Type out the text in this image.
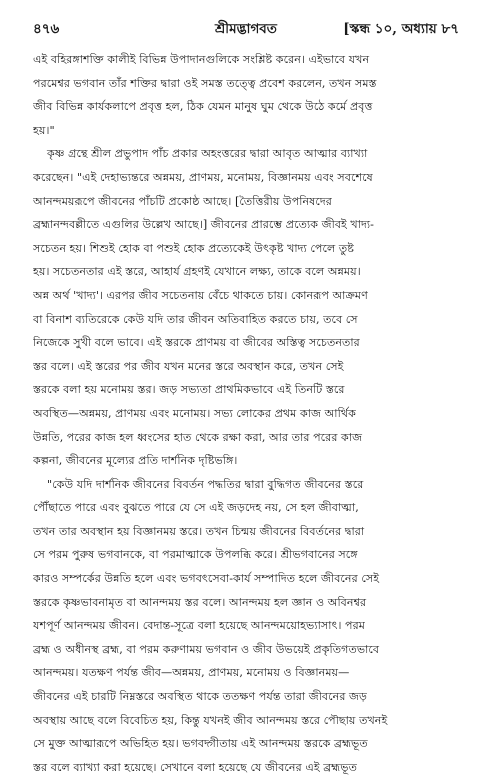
৪৭৬	শ্রীমদ্ভাগবত	[স্কন্ধ ১০, অধ্যায় ৮৭
এই বহিরঙ্গাশক্তি কালীই বিভিন্ন উপাদানগুলিকে সংশ্লিষ্ট করেন। এইভাবে যখন
পরমেশ্বর ভগবান তাঁর শক্তির দ্বারা ওই সমস্ত তত্ত্বে প্রবেশ করলেন, তখন সমস্ত
জীব বিভিন্ন কার্যকলাপে প্রবৃত্ত হল, ঠিক যেমন মানুষ ঘুম থেকে উঠে কর্মে প্রবৃত্ত
হয়।"
কৃষ্ণ গ্রন্থে শ্রীল প্রভুপাদ পাঁচ প্রকার অহংত্তরের দ্বারা আবৃত আত্মার ব্যাখ্যা
করেছেন। "এই দেহাভ্যন্তরে অন্নময়, প্রাণময়, মনোময়, বিজ্ঞানময় এবং সবশেষে
আনন্দময়রূপে জীবনের পাঁচটি প্রকোষ্ঠ আছে। [তৈত্তিরীয় উপনিষদের
ব্রহ্মানন্দবল্লীতে এগুলির উল্লেখ আছে।] জীবনের প্রারম্ভে প্রত্যেক জীবই খাদ্য-
সচেতন হয়। শিশুই হোক বা পশুই হোক প্রত্যেকেই উৎকৃষ্ট খাদ্য পেলে তুষ্ট
হয়। সচেতনতার এই স্তরে, আহার্য গ্রহণই যেখানে লক্ষ্য, তাকে বলে অন্নময়।
অন্ন অর্থ 'খাদ্য'। এরপর জীব সচেতনায় বেঁচে থাকতে চায়। কোনরূপ আক্রমণ
বা বিনাশ ব্যতিরেকে কেউ যদি তার জীবন অতিবাহিত করতে চায়, তবে সে
নিজেকে সুখী বলে ভাবে। এই স্তরকে প্রাণময় বা জীবের অস্তিত্ব সচেতনতার
স্তর বলে। এই স্তরের পর জীব যখন মনের স্তরে অবস্থান করে, তখন সেই
স্তরকে বলা হয় মনোময় স্তর। জড় সভ্যতা প্রাথমিকভাবে এই তিনটি স্তরে
অবস্থিত—অন্নময়, প্রাণময় এবং মনোময়। সভ্য লোকের প্রথম কাজ আর্থিক
উন্নতি, পরের কাজ হল ধ্বংসের হাত থেকে রক্ষা করা, আর তার পরের কাজ
কল্পনা, জীবনের মূল্যের প্রতি দার্শনিক দৃষ্টিভঙ্গি।
"কেউ যদি দার্শনিক জীবনের বিবর্তন পদ্ধতির দ্বারা বুদ্ধিগত জীবনের স্তরে
পৌঁছাতে পারে এবং বুঝতে পারে যে সে এই জড়দেহ নয়, সে হল জীবাত্মা,
তখন তার অবস্থান হয় বিজ্ঞানময় স্তরে। তখন চিন্ময় জীবনের বিবর্তনের দ্বারা
সে পরম পুরুষ ভগবানকে, বা পরমাত্মাকে উপলব্ধি করে। শ্রীভগবানের সঙ্গে
কারও সম্পর্কের উন্নতি হলে এবং ভগবৎসেবা-কার্য সম্পাদিত হলে জীবনের সেই
স্তরকে কৃষ্ণভাবনামৃত বা আনন্দময় স্তর বলে। আনন্দময় হল জ্ঞান ও অবিনশ্বর
যশপূর্ণ আনন্দময় জীবন। বেদান্ত-সূত্রে বলা হয়েছে আনন্দময়োহভ্যাসাৎ। পরম
ব্রহ্ম ও অধীনস্থ ব্রহ্ম, বা পরম করুণাময় ভগবান ও জীব উভয়েই প্রকৃতিগতভাবে
আনন্দময়। যতক্ষণ পর্যন্ত জীব—অন্নময়, প্রাণময়, মনোময় ও বিজ্ঞানময়—
জীবনের এই চারটি নিম্নস্তরে অবস্থিত থাকে ততক্ষণ পর্যন্ত তারা জীবনের জড়
অবস্থায় আছে বলে বিবেচিত হয়, কিন্তু যখনই জীব আনন্দময় স্তরে পৌছায় তখনই
সে মুক্ত আত্মারূপে অভিহিত হয়। ভগবদ্গীতায় এই আনন্দময় স্তরকে ব্রহ্মভূত
স্তর বলে ব্যাখ্যা করা হয়েছে। সেখানে বলা হয়েছে যে জীবনের এই ব্রহ্মভূত
